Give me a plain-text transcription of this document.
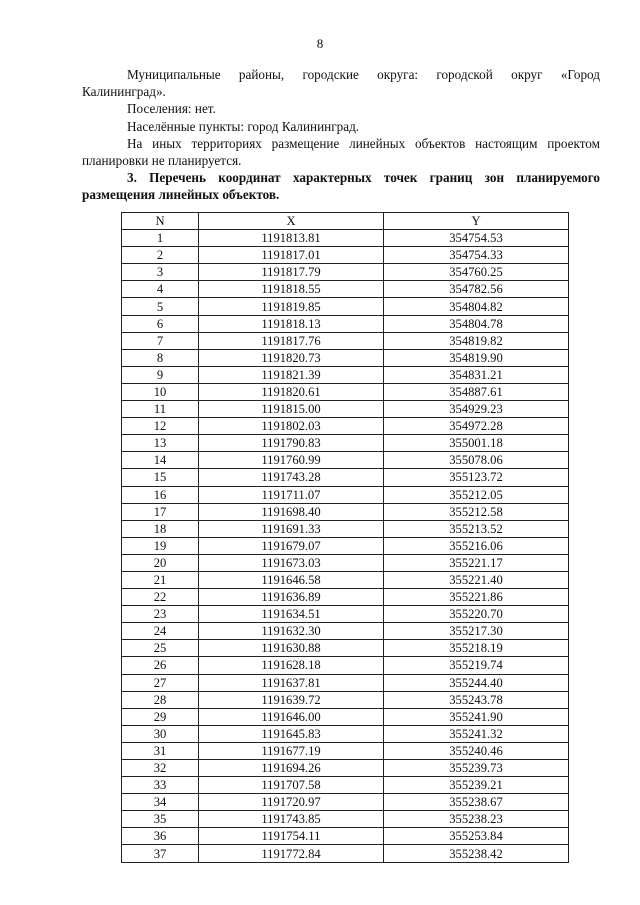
8

Муниципальные районы, городские округа: городской округ «Город

Калининград».

Поселения: нет.

Населённые пункты: город Калининград.

На иных территориях размещение линейных объектов настоящим проектом

планировки не планируется.

3. Перечень координат характерных точек границ зон планируемого

размещения линейных объектов.

N	X	Y
1	1191813.81	354754.53
2	1191817.01	354754.33
3	1191817.79	354760.25
4	1191818.55	354782.56
5	1191819.85	354804.82
6	1191818.13	354804.78
7	1191817.76	354819.82
8	1191820.73	354819.90
9	1191821.39	354831.21
10	1191820.61	354887.61
11	1191815.00	354929.23
12	1191802.03	354972.28
13	1191790.83	355001.18
14	1191760.99	355078.06
15	1191743.28	355123.72
16	1191711.07	355212.05
17	1191698.40	355212.58
18	1191691.33	355213.52
19	1191679.07	355216.06
20	1191673.03	355221.17
21	1191646.58	355221.40
22	1191636.89	355221.86
23	1191634.51	355220.70
24	1191632.30	355217.30
25	1191630.88	355218.19
26	1191628.18	355219.74
27	1191637.81	355244.40
28	1191639.72	355243.78
29	1191646.00	355241.90
30	1191645.83	355241.32
31	1191677.19	355240.46
32	1191694.26	355239.73
33	1191707.58	355239.21
34	1191720.97	355238.67
35	1191743.85	355238.23
36	1191754.11	355253.84
37	1191772.84	355238.42
